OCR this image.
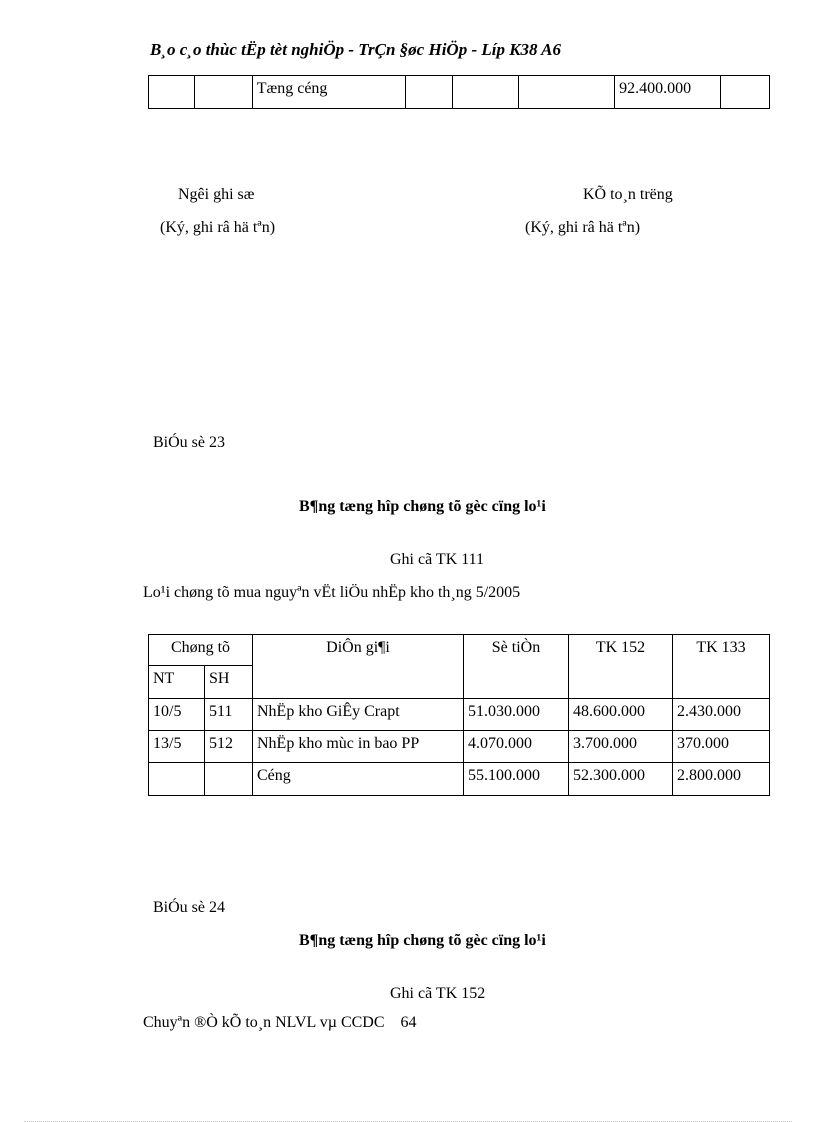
B¸o c¸o thùc tËp tèt nghiÖp - TrÇn §øc HiÖp - Líp K38 A6
		Tæng céng				92.400.000	
Ngêi ghi sæ
(Ký, ghi râ hä tªn)
KÕ to¸n trëng
(Ký, ghi râ hä tªn)
BiÓu sè 23
B¶ng tæng hîp chøng tõ gèc cïng lo¹i
Ghi cã TK 111
Lo¹i chøng tõ mua nguyªn vËt liÖu nhËp kho th¸ng 5/2005
Chøng tõ		DiÔn gi¶i	Sè tiÒn	TK 152	TK 133
NT	SH				
10/5	511	NhËp kho GiÊy Crapt	51.030.000	48.600.000	2.430.000
13/5	512	NhËp kho mùc in bao PP	4.070.000	3.700.000	370.000
		Céng	55.100.000	52.300.000	2.800.000
BiÓu sè 24
B¶ng tæng hîp chøng tõ gèc cïng lo¹i
Ghi cã TK 152
Chuyªn ®Ò kÕ to¸n NLVL vµ CCDC    64
